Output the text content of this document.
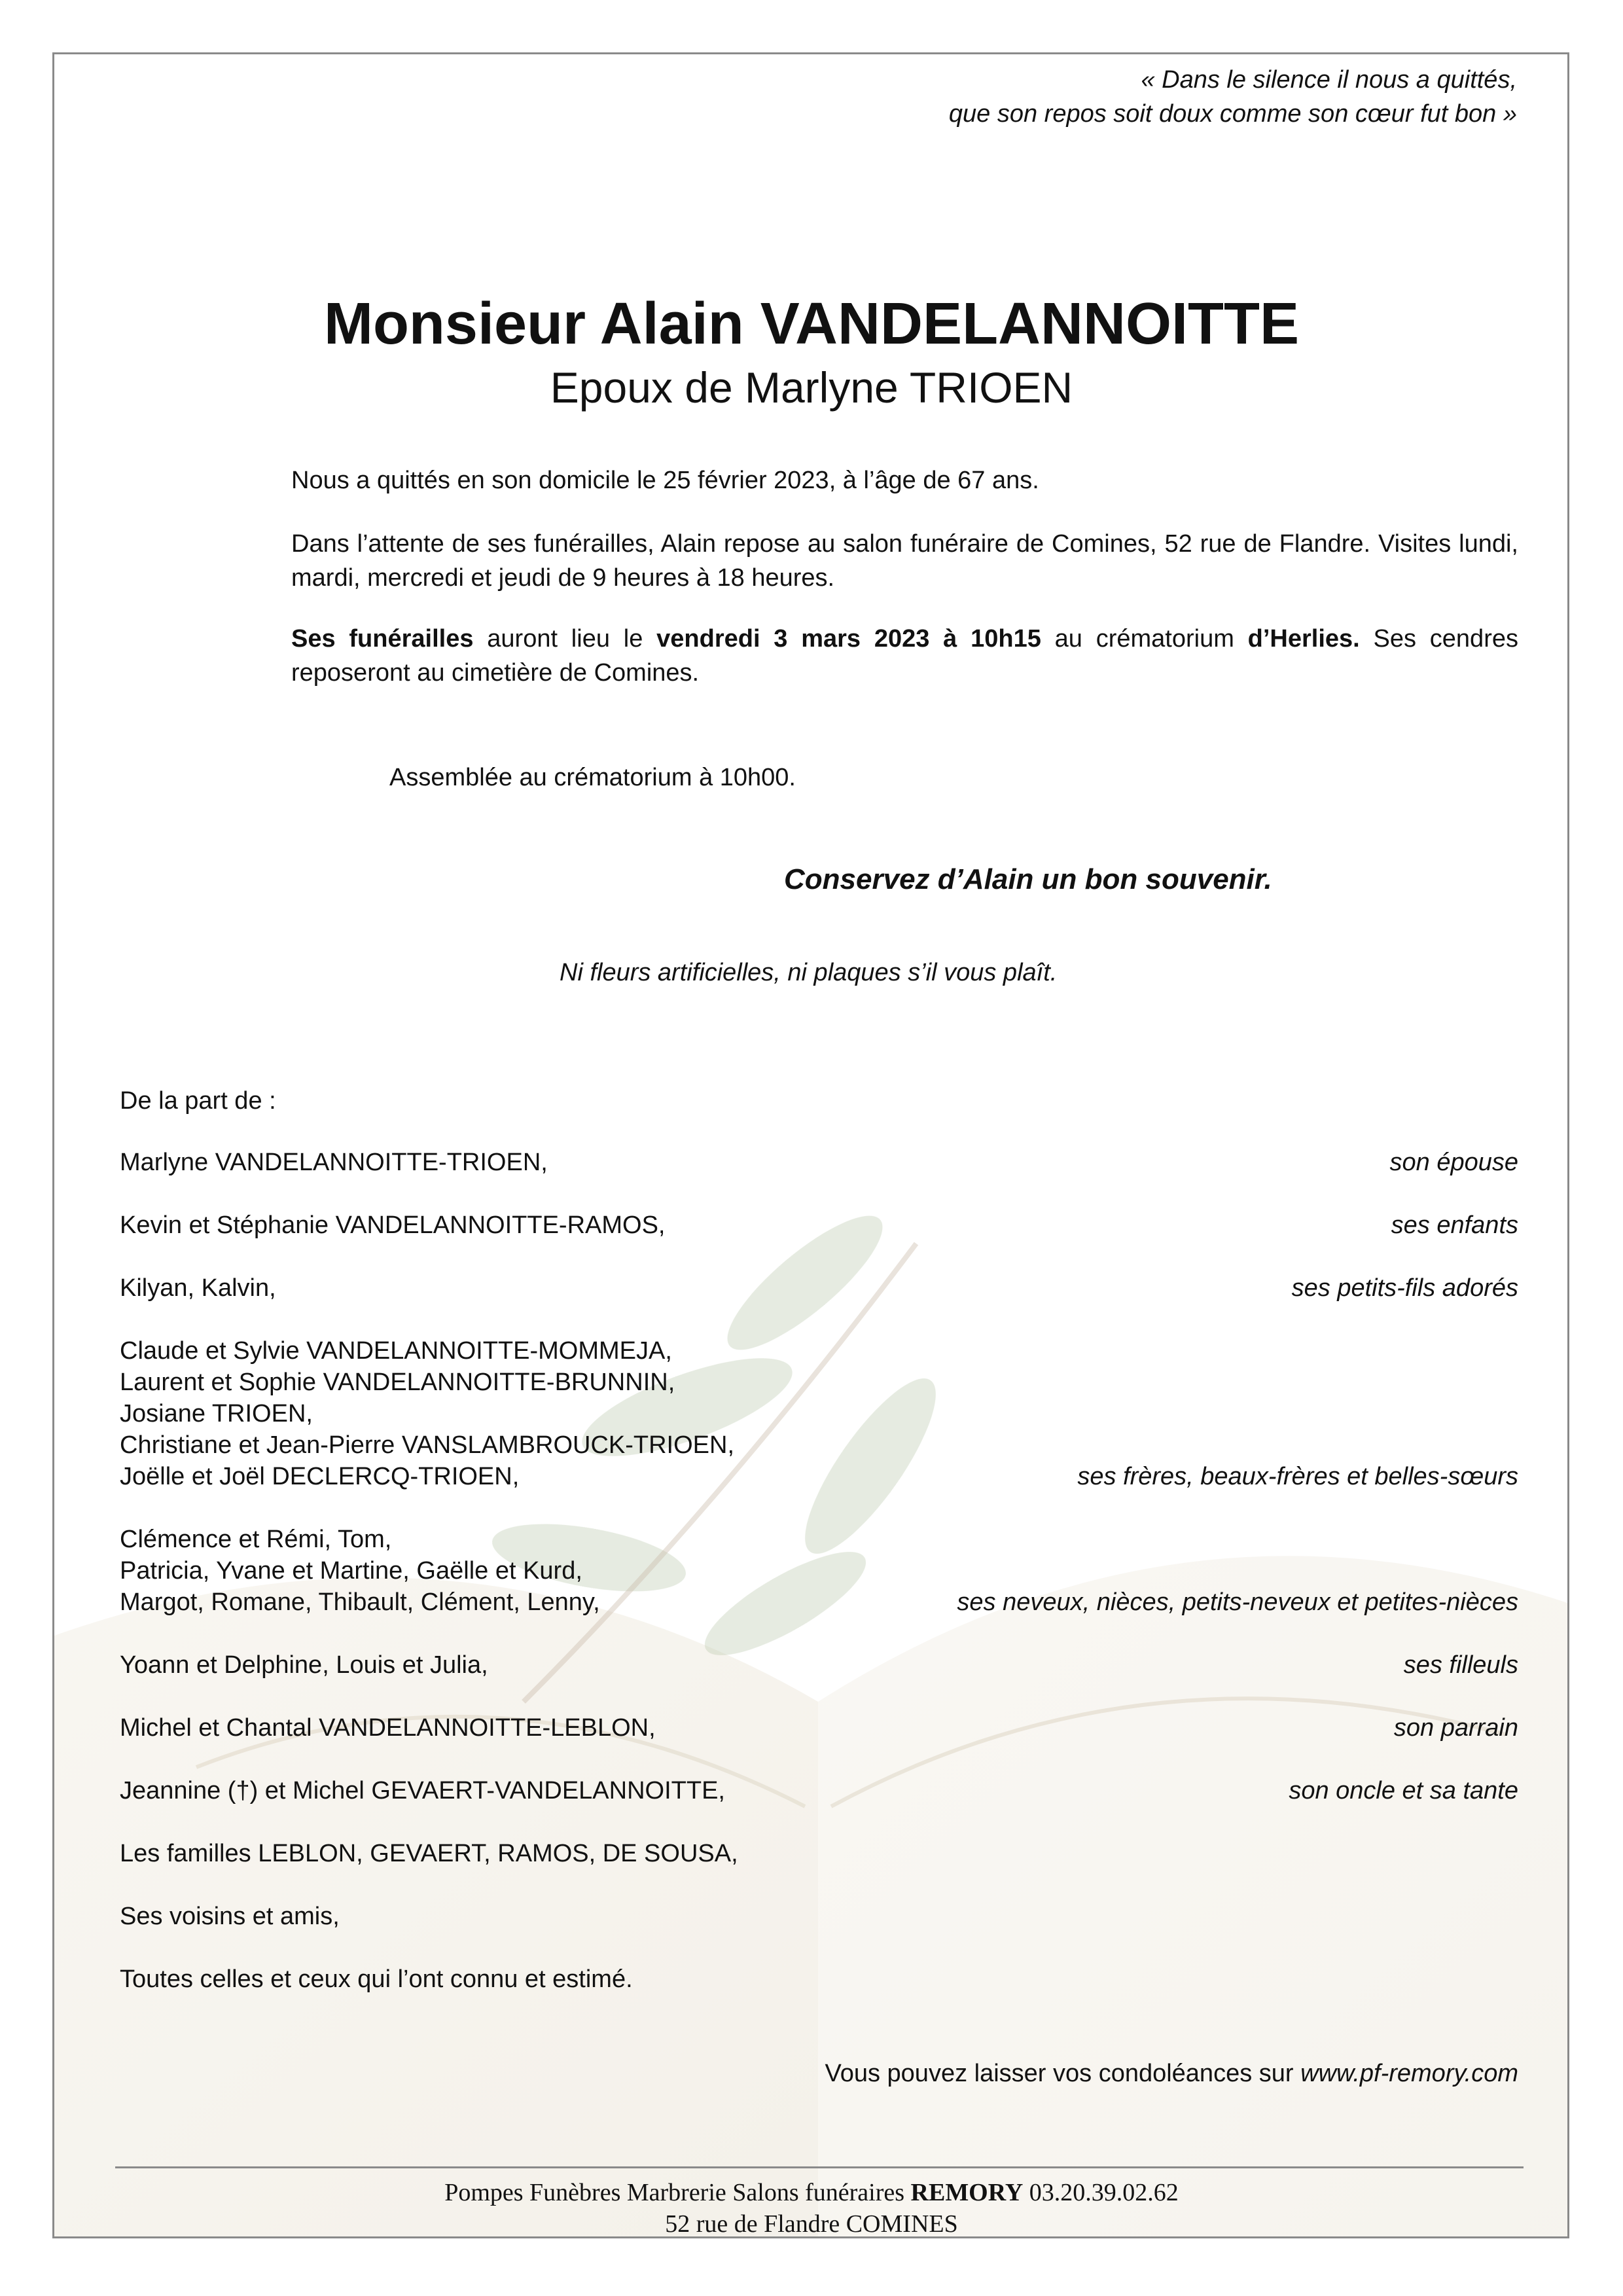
« Dans le silence il nous a quittés,
que son repos soit doux comme son cœur fut bon »
Monsieur Alain VANDELANNOITTE
Epoux de Marlyne TRIOEN
Nous a quittés en son domicile le 25 février 2023, à l’âge de 67 ans.
Dans l’attente de ses funérailles, Alain repose au salon funéraire de Comines, 52 rue de Flandre. Visites lundi, mardi, mercredi et jeudi de 9 heures à 18 heures.
Ses funérailles auront lieu le vendredi 3 mars 2023 à 10h15 au crématorium d’Herlies. Ses cendres reposeront au cimetière de Comines.
Assemblée au crématorium à 10h00.
Conservez d’Alain un bon souvenir.
Ni fleurs artificielles, ni plaques s’il vous plaît.
De la part de :
Marlyne VANDELANNOITTE-TRIOEN,	son épouse
Kevin et Stéphanie VANDELANNOITTE-RAMOS,	ses enfants
Kilyan, Kalvin,	ses petits-fils adorés
Claude et Sylvie VANDELANNOITTE-MOMMEJA,
Laurent et Sophie VANDELANNOITTE-BRUNNIN,
Josiane TRIOEN,
Christiane et Jean-Pierre VANSLAMBROUCK-TRIOEN,
Joëlle et Joël DECLERCQ-TRIOEN,	ses frères, beaux-frères et belles-sœurs
Clémence et Rémi, Tom,
Patricia, Yvane et Martine, Gaëlle et Kurd,
Margot, Romane, Thibault, Clément, Lenny,	ses neveux, nièces, petits-neveux et petites-nièces
Yoann et Delphine, Louis et Julia,	ses filleuls
Michel et Chantal VANDELANNOITTE-LEBLON,	son parrain
Jeannine (†) et Michel GEVAERT-VANDELANNOITTE,	son oncle et sa tante
Les familles LEBLON, GEVAERT, RAMOS, DE SOUSA,
Ses voisins et amis,
Toutes celles et ceux qui l’ont connu et estimé.
Vous pouvez laisser vos condoléances sur www.pf-remory.com
Pompes Funèbres Marbrerie Salons funéraires REMORY 03.20.39.02.62
52 rue de Flandre COMINES
